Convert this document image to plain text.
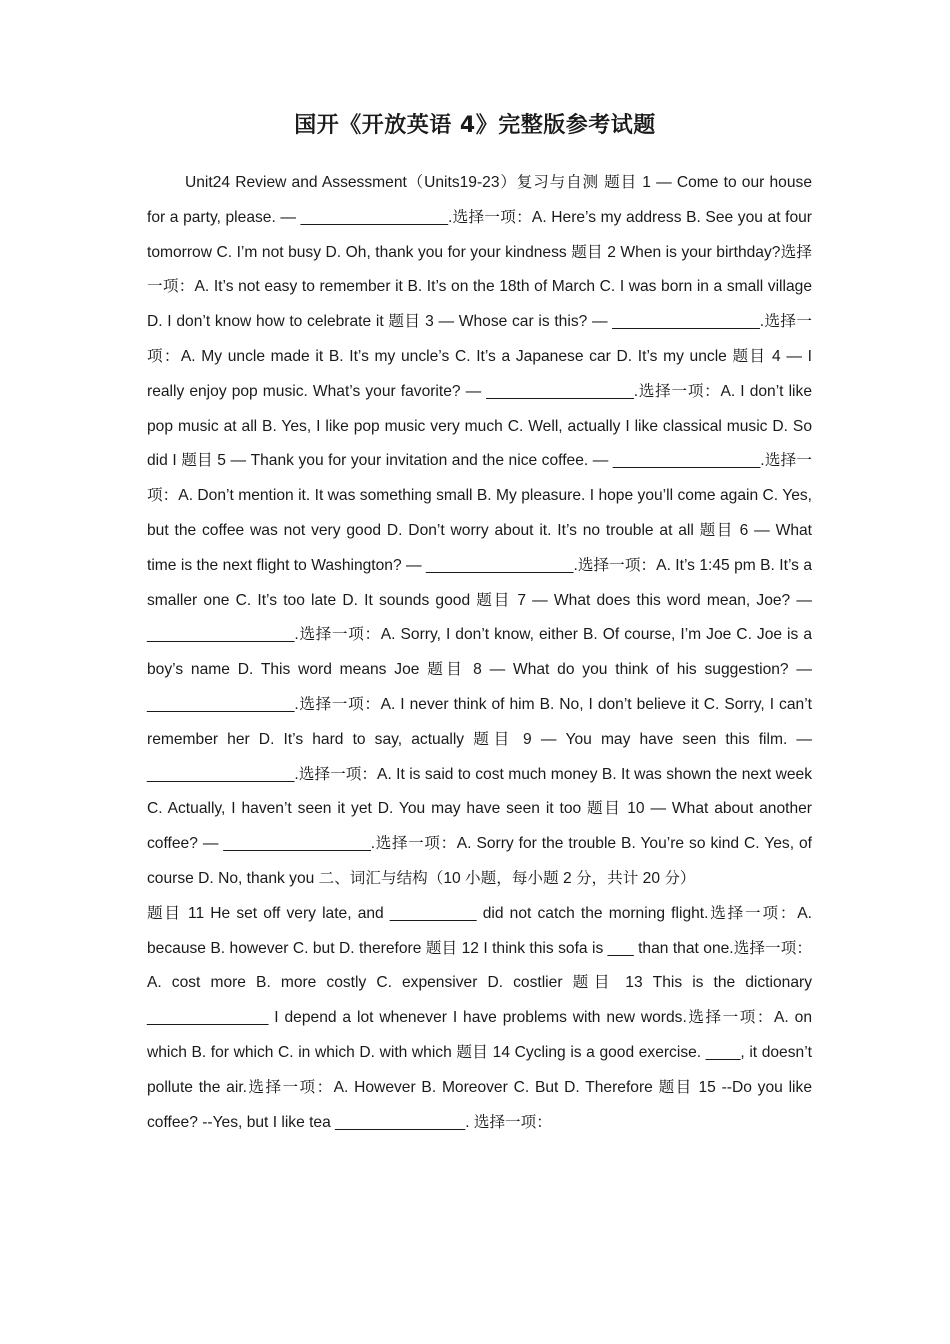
国开《开放英语 4》完整版参考试题

Unit24 Review and Assessment（Units19-23）复习与自测 题目 1 — Come to our house for a party, please. — _________________.选择一项：A. Here’s my address B. See you at four tomorrow C. I’m not busy D. Oh, thank you for your kindness 题目 2 When is your birthday?选择一项：A. It’s not easy to remember it B. It’s on the 18th of March C. I was born in a small village D. I don’t know how to celebrate it 题目 3 — Whose car is this? — _________________.选择一项：A. My uncle made it B. It’s my uncle’s C. It’s a Japanese car D. It’s my uncle 题目 4 — I really enjoy pop music. What’s your favorite? — _________________.选择一项：A. I don’t like pop music at all B. Yes, I like pop music very much C. Well, actually I like classical music D. So did I 题目 5 — Thank you for your invitation and the nice coffee. — _________________.选择一项：A. Don’t mention it. It was something small B. My pleasure. I hope you’ll come again C. Yes, but the coffee was not very good D. Don’t worry about it. It’s no trouble at all 题目 6 — What time is the next flight to Washington? — _________________.选择一项：A. It’s 1:45 pm B. It’s a smaller one C. It’s too late D. It sounds good 题目 7 — What does this word mean, Joe? — _________________.选择一项：A. Sorry, I don’t know, either B. Of course, I’m Joe C. Joe is a boy’s name D. This word means Joe 题目 8 — What do you think of his suggestion? — _________________.选择一项：A. I never think of him B. No, I don’t believe it C. Sorry, I can’t remember her D. It’s hard to say, actually 题目 9 — You may have seen this film. — _________________.选择一项：A. It is said to cost much money B. It was shown the next week C. Actually, I haven’t seen it yet D. You may have seen it too 题目 10 — What about another coffee? — _________________.选择一项：A. Sorry for the trouble B. You’re so kind C. Yes, of course D. No, thank you 二、词汇与结构（10 小题，每小题 2 分，共计 20 分）

题目 11 He set off very late, and __________ did not catch the morning flight.选择一项：A. because B. however C. but D. therefore 题目 12 I think this sofa is ___ than that one.选择一项：A. cost more B. more costly C. expensiver D. costlier 题目 13 This is the dictionary ______________ I depend a lot whenever I have problems with new words.选择一项：A. on which B. for which C. in which D. with which 题目 14 Cycling is a good exercise. ____, it doesn’t pollute the air.选择一项：A. However B. Moreover C. But D. Therefore 题目 15 --Do you like coffee? --Yes, but I like tea _______________. 选择一项：
